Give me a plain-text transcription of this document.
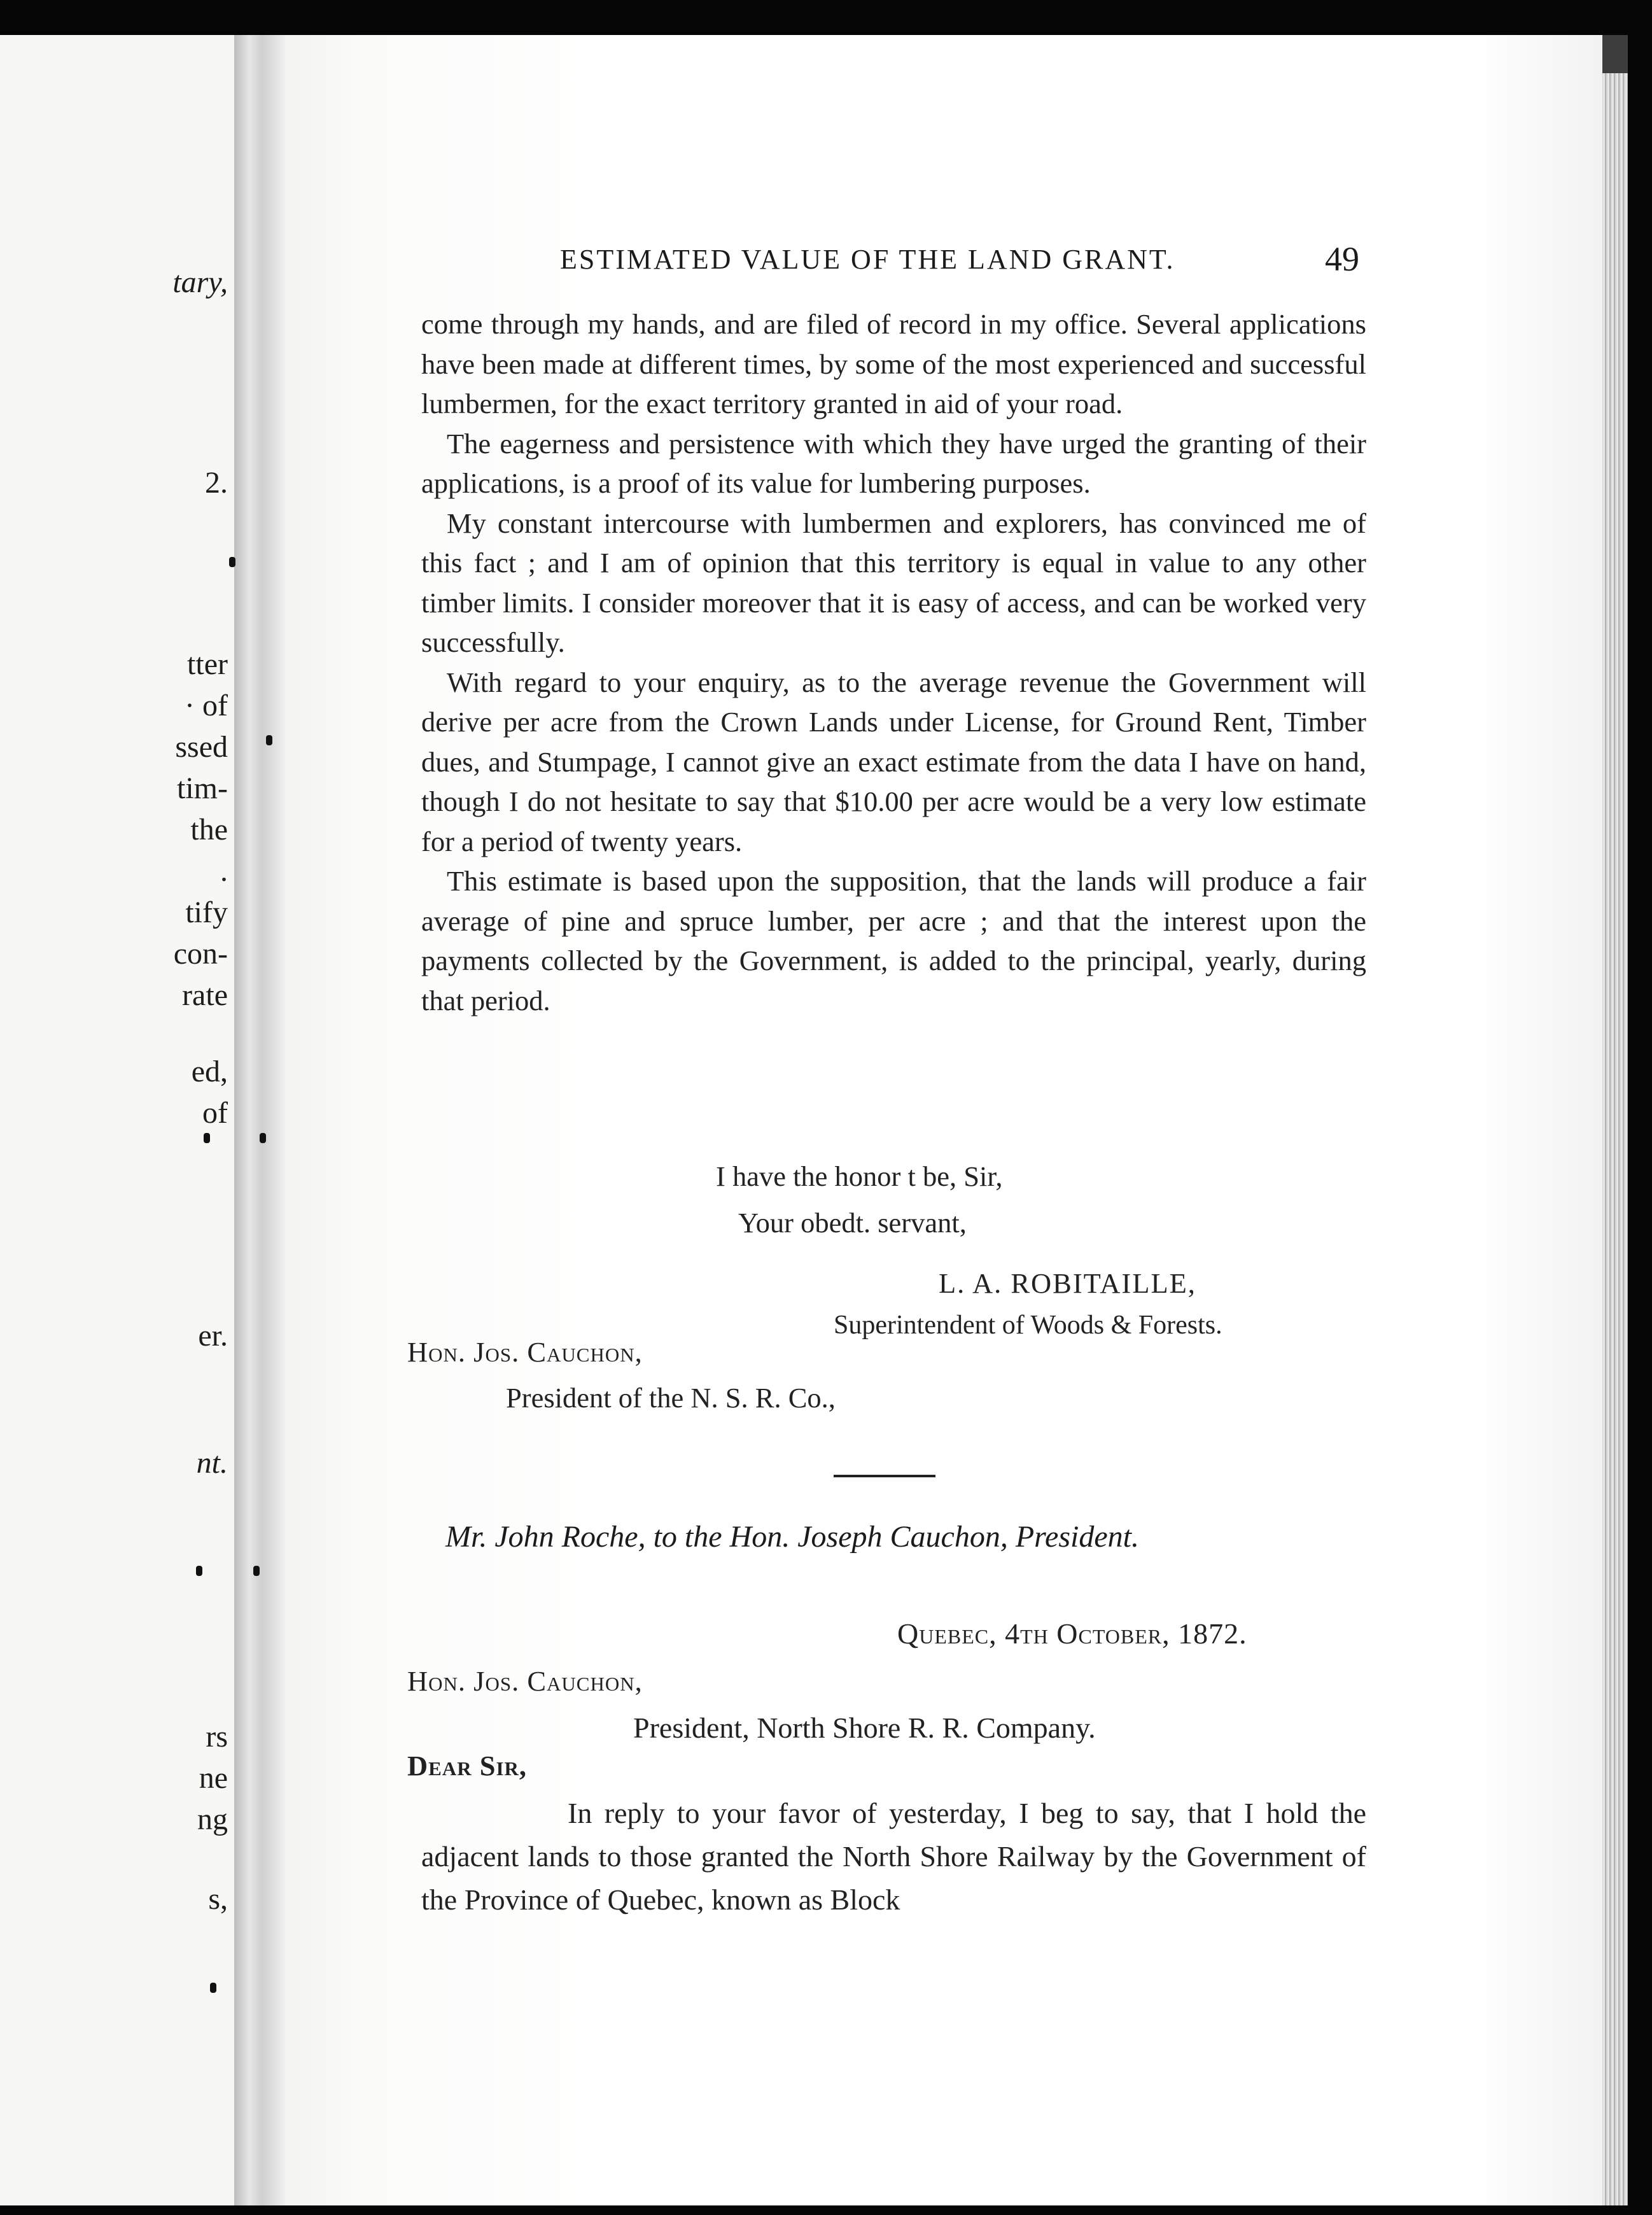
tary,
2.
tter
· of
ssed
tim-
the
.
tify
con-
rate
ed,
of
er.
nt.
rs
ne
ng
s,
ESTIMATED VALUE OF THE LAND GRANT.	49

come through my hands, and are filed of record in my office. Several applications have been made at different times, by some of the most experienced and successful lumbermen, for the exact territory granted in aid of your road.

The eagerness and persistence with which they have urged the granting of their applications, is a proof of its value for lumbering purposes.

My constant intercourse with lumbermen and explorers, has convinced me of this fact ; and I am of opinion that this territory is equal in value to any other timber limits. I consider moreover that it is easy of access, and can be worked very successfully.

With regard to your enquiry, as to the average revenue the Government will derive per acre from the Crown Lands under License, for Ground Rent, Timber dues, and Stumpage, I cannot give an exact estimate from the data I have on hand, though I do not hesitate to say that $10.00 per acre would be a very low estimate for a period of twenty years.

This estimate is based upon the supposition, that the lands will produce a fair average of pine and spruce lumber, per acre ; and that the interest upon the payments collected by the Government, is added to the principal, yearly, during that period.

I have the honor t be, Sir,
Your obedt. servant,
L. A. ROBITAILLE,
Superintendent of Woods & Forests.
Hon. Jos. Cauchon,
President of the N. S. R. Co.,
Mr. John Roche, to the Hon. Joseph Cauchon, President.
Quebec, 4th October, 1872.
Hon. Jos. Cauchon,
President, North Shore R. R. Company.
Dear Sir,

In reply to your favor of yesterday, I beg to say, that I hold the adjacent lands to those granted the North Shore Railway by the Government of the Province of Quebec, known as Block
